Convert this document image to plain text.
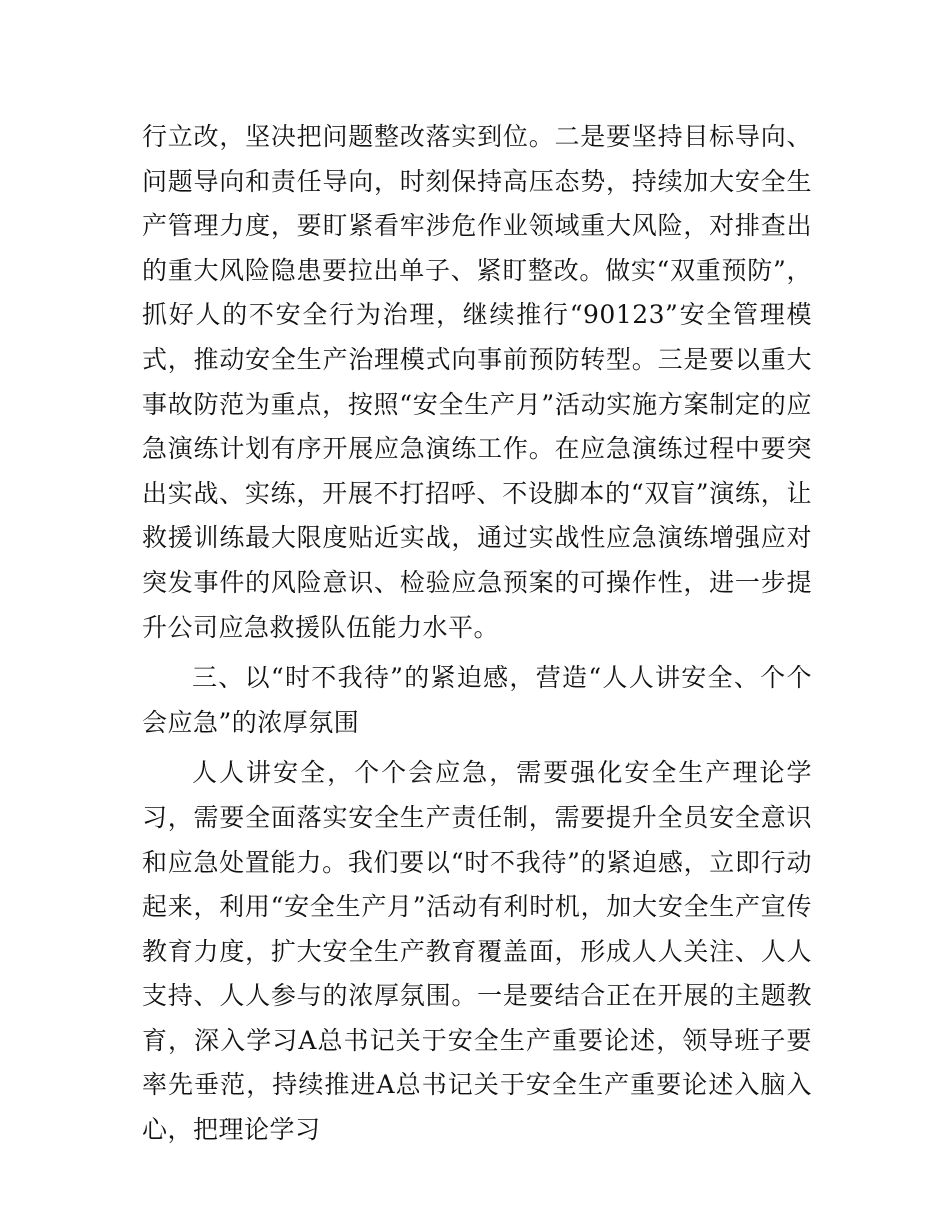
行立改，坚决把问题整改落实到位。二是要坚持目标导向、问题导向和责任导向，时刻保持高压态势，持续加大安全生产管理力度，要盯紧看牢涉危作业领域重大风险，对排查出的重大风险隐患要拉出单子、紧盯整改。做实“双重预防”，抓好人的不安全行为治理，继续推行“90123”安全管理模式，推动安全生产治理模式向事前预防转型。三是要以重大事故防范为重点，按照“安全生产月”活动实施方案制定的应急演练计划有序开展应急演练工作。在应急演练过程中要突出实战、实练，开展不打招呼、不设脚本的“双盲”演练，让救援训练最大限度贴近实战，通过实战性应急演练增强应对突发事件的风险意识、检验应急预案的可操作性，进一步提升公司应急救援队伍能力水平。

三、以“时不我待”的紧迫感，营造“人人讲安全、个个会应急”的浓厚氛围

人人讲安全，个个会应急，需要强化安全生产理论学习，需要全面落实安全生产责任制，需要提升全员安全意识和应急处置能力。我们要以“时不我待”的紧迫感，立即行动起来，利用“安全生产月”活动有利时机，加大安全生产宣传教育力度，扩大安全生产教育覆盖面，形成人人关注、人人支持、人人参与的浓厚氛围。一是要结合正在开展的主题教育，深入学习A总书记关于安全生产重要论述，领导班子要率先垂范，持续推进A总书记关于安全生产重要论述入脑入心，把理论学习
